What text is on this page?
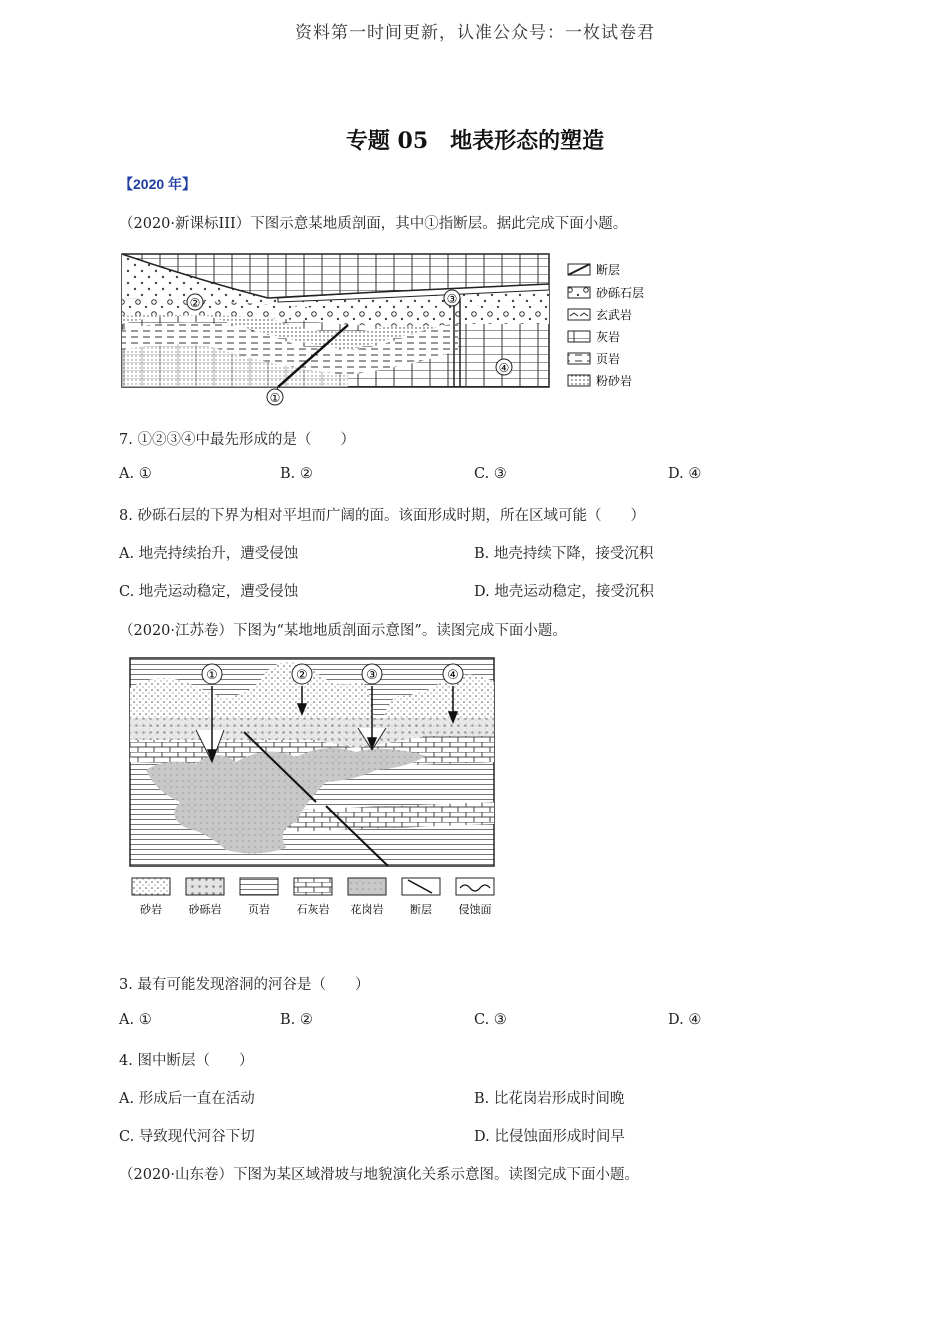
资料第一时间更新，认准公众号：一枚试卷君
专题 05　地表形态的塑造
【2020 年】
（2020·新课标III）下图示意某地质剖面，其中①指断层。据此完成下面小题。
①
②	③
④
断层
砂砾石层
玄武岩
灰岩
页岩
粉砂岩
7. ①②③④中最先形成的是（　　）
A. ①	B. ②	C. ③	D. ④
8. 砂砾石层的下界为相对平坦而广阔的面。该面形成时期，所在区域可能（　　）
A. 地壳持续抬升，遭受侵蚀	B. 地壳持续下降，接受沉积
C. 地壳运动稳定，遭受侵蚀	D. 地壳运动稳定，接受沉积
（2020·江苏卷）下图为“某地地质剖面示意图”。读图完成下面小题。
①	②	③	④
砂岩 砂砾岩 页岩 石灰岩 花岗岩 断层 侵蚀面
3. 最有可能发现溶洞的河谷是（　　）
A. ①	B. ②	C. ③	D. ④
4. 图中断层（　　）
A. 形成后一直在活动	B. 比花岗岩形成时间晚
C. 导致现代河谷下切	D. 比侵蚀面形成时间早
（2020·山东卷）下图为某区域滑坡与地貌演化关系示意图。读图完成下面小题。
